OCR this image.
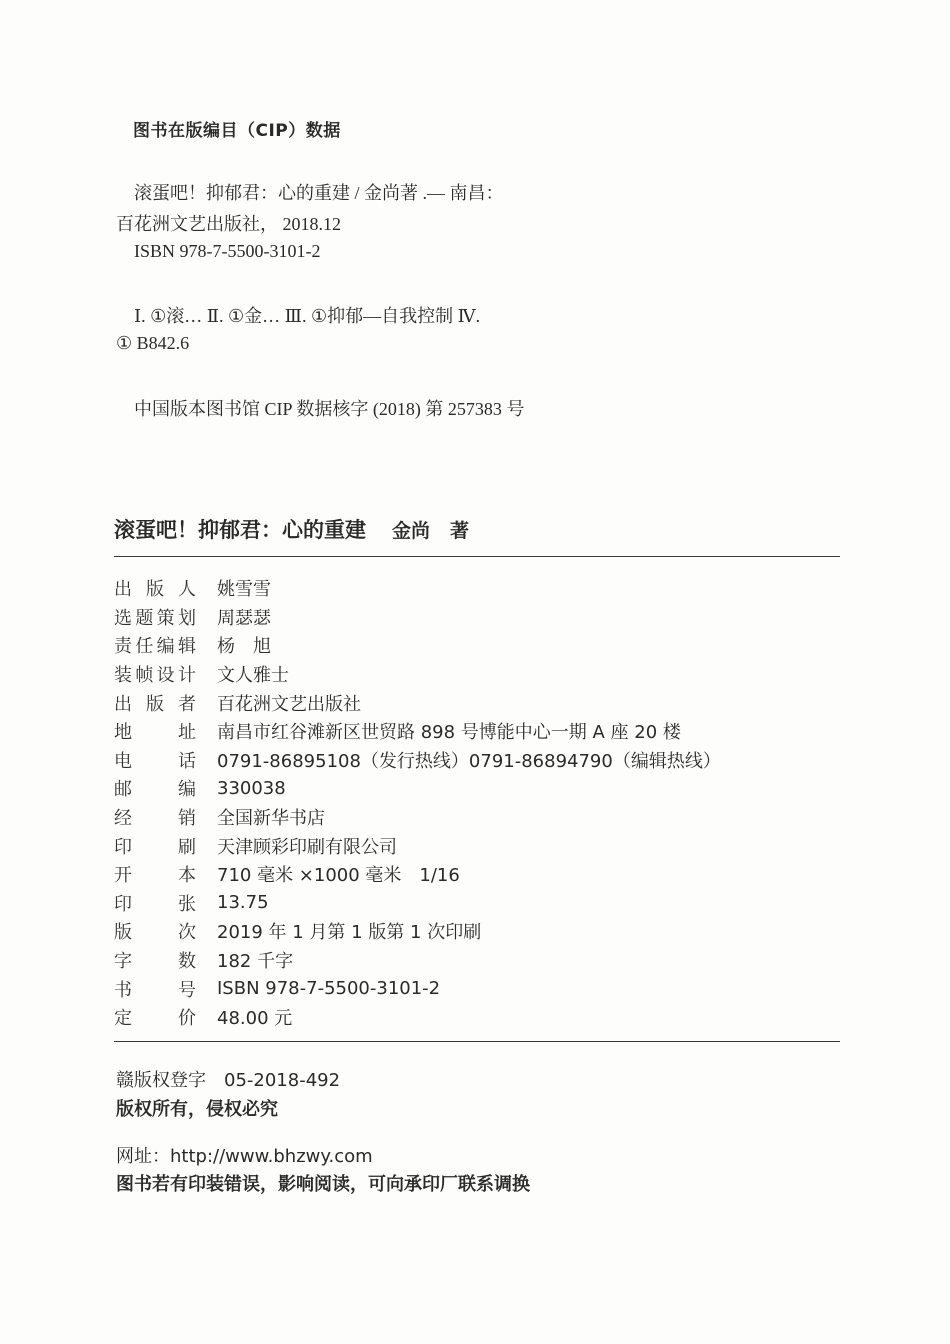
图书在版编目（CIP）数据
滚蛋吧！抑郁君：心的重建 / 金尚著 .— 南昌：
百花洲文艺出版社， 2018.12
ISBN 978-7-5500-3101-2
Ⅰ. ①滚… Ⅱ. ①金… Ⅲ. ①抑郁—自我控制 Ⅳ.
① B842.6
中国版本图书馆 CIP 数据核字 (2018) 第 257383 号
滚蛋吧！抑郁君：心的重建 金尚 著
出 版 人 姚雪雪
选 题 策 划 周瑟瑟
责 任 编 辑 杨　旭
装 帧 设 计 文人雅士
出 版 者 百花洲文艺出版社
地	址 南昌市红谷滩新区世贸路 898 号博能中心一期 A 座 20 楼
电	话 0791-86895108（发行热线）0791-86894790（编辑热线）
邮	编 330038
经	销 全国新华书店
印	刷 天津顾彩印刷有限公司
开	本 710 毫米 ×1000 毫米　1/16
印	张 13.75
版	次 2019 年 1 月第 1 版第 1 次印刷
字	数 182 千字
书	号 ISBN 978-7-5500-3101-2
定	价 48.00 元
赣版权登字　05-2018-492
版权所有，侵权必究
网址：http://www.bhzwy.com
图书若有印装错误，影响阅读，可向承印厂联系调换
